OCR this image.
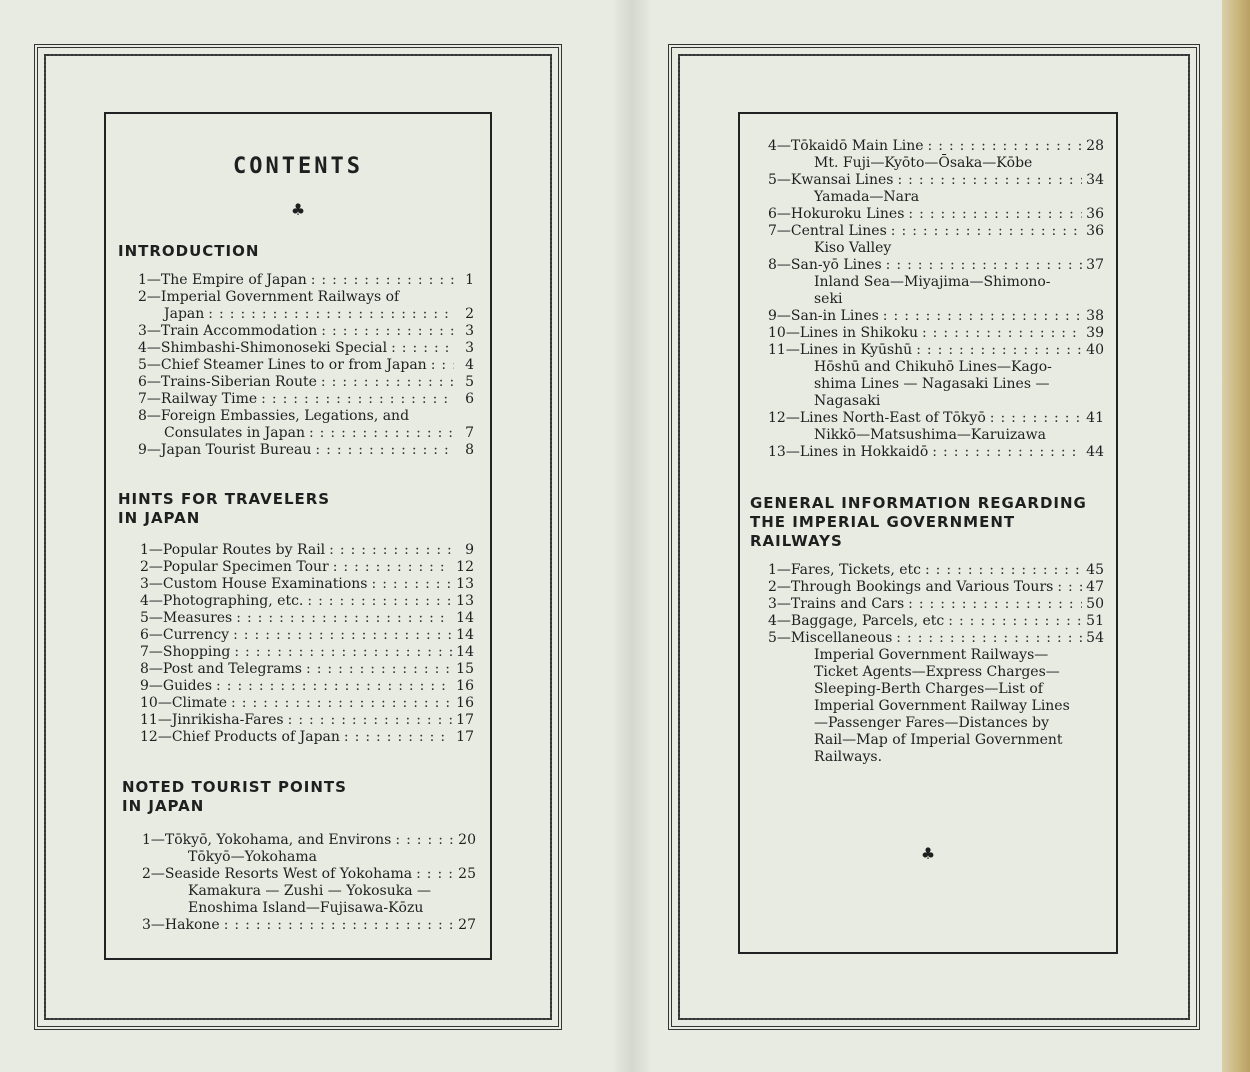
CONTENTS
♣
INTRODUCTION
1—The Empire of Japan :::::::::::::::::::::::::::::::::::::::::::::::	1
2—Imperial Government Railways of
Japan :::::::::::::::::::::::::::::::::::::::::::::::	2
3—Train Accommodation :::::::::::::::::::::::::::::::::::::::::::::::	3
4—Shimbashi-Shimonoseki Special :::::::::::::::::::::::::::::::::::::::::::::::	3
5—Chief Steamer Lines to or from Japan :::::::::::::::::::::::::::::::::::::::::::::::	4
6—Trains-Siberian Route :::::::::::::::::::::::::::::::::::::::::::::::	5
7—Railway Time :::::::::::::::::::::::::::::::::::::::::::::::	6
8—Foreign Embassies, Legations, and
Consulates in Japan :::::::::::::::::::::::::::::::::::::::::::::::	7
9—Japan Tourist Bureau :::::::::::::::::::::::::::::::::::::::::::::::	8
HINTS FOR TRAVELERS
IN JAPAN
1—Popular Routes by Rail :::::::::::::::::::::::::::::::::::::::::::::::	9
2—Popular Specimen Tour :::::::::::::::::::::::::::::::::::::::::::::::	12
3—Custom House Examinations :::::::::::::::::::::::::::::::::::::::::::::::	13
4—Photographing, etc. :::::::::::::::::::::::::::::::::::::::::::::::	13
5—Measures :::::::::::::::::::::::::::::::::::::::::::::::	14
6—Currency :::::::::::::::::::::::::::::::::::::::::::::::	14
7—Shopping :::::::::::::::::::::::::::::::::::::::::::::::	14
8—Post and Telegrams :::::::::::::::::::::::::::::::::::::::::::::::	15
9—Guides :::::::::::::::::::::::::::::::::::::::::::::::	16
10—Climate :::::::::::::::::::::::::::::::::::::::::::::::	16
11—Jinrikisha-Fares :::::::::::::::::::::::::::::::::::::::::::::::	17
12—Chief Products of Japan :::::::::::::::::::::::::::::::::::::::::::::::	17
NOTED TOURIST POINTS
IN JAPAN
1—Tōkyō, Yokohama, and Environs :::::::::::::::::::::::::::::::::::::::::::::::	20
Tōkyō—Yokohama
2—Seaside Resorts West of Yokohama :::::::::::::::::::::::::::::::::::::::::::::::	25
Kamakura — Zushi — Yokosuka —
Enoshima Island—Fujisawa-Kōzu
3—Hakone :::::::::::::::::::::::::::::::::::::::::::::::	27
4—Tōkaidō Main Line :::::::::::::::::::::::::::::::::::::::::::::::	28
Mt. Fuji—Kyōto—Ōsaka—Kōbe
5—Kwansai Lines :::::::::::::::::::::::::::::::::::::::::::::::	34
Yamada—Nara
6—Hokuroku Lines :::::::::::::::::::::::::::::::::::::::::::::::	36
7—Central Lines :::::::::::::::::::::::::::::::::::::::::::::::	36
Kiso Valley
8—San-yō Lines :::::::::::::::::::::::::::::::::::::::::::::::	37
Inland Sea—Miyajima—Shimono-
seki
9—San-in Lines :::::::::::::::::::::::::::::::::::::::::::::::	38
10—Lines in Shikoku :::::::::::::::::::::::::::::::::::::::::::::::	39
11—Lines in Kyūshū :::::::::::::::::::::::::::::::::::::::::::::::	40
Hōshū and Chikuhō Lines—Kago-
shima Lines — Nagasaki Lines —
Nagasaki
12—Lines North-East of Tōkyō :::::::::::::::::::::::::::::::::::::::::::::::	41
Nikkō—Matsushima—Karuizawa
13—Lines in Hokkaidō :::::::::::::::::::::::::::::::::::::::::::::::	44
GENERAL INFORMATION REGARDING
THE IMPERIAL GOVERNMENT
RAILWAYS
1—Fares, Tickets, etc :::::::::::::::::::::::::::::::::::::::::::::::	45
2—Through Bookings and Various Tours ::::::::::::::::::::::::::::::::::::::::::::::: 47
3—Trains and Cars :::::::::::::::::::::::::::::::::::::::::::::::	50
4—Baggage, Parcels, etc :::::::::::::::::::::::::::::::::::::::::::::::	51
5—Miscellaneous :::::::::::::::::::::::::::::::::::::::::::::::	54
Imperial Government Railways—
Ticket Agents—Express Charges—
Sleeping-Berth Charges—List of
Imperial Government Railway Lines
—Passenger Fares—Distances by
Rail—Map of Imperial Government
Railways.
♣
